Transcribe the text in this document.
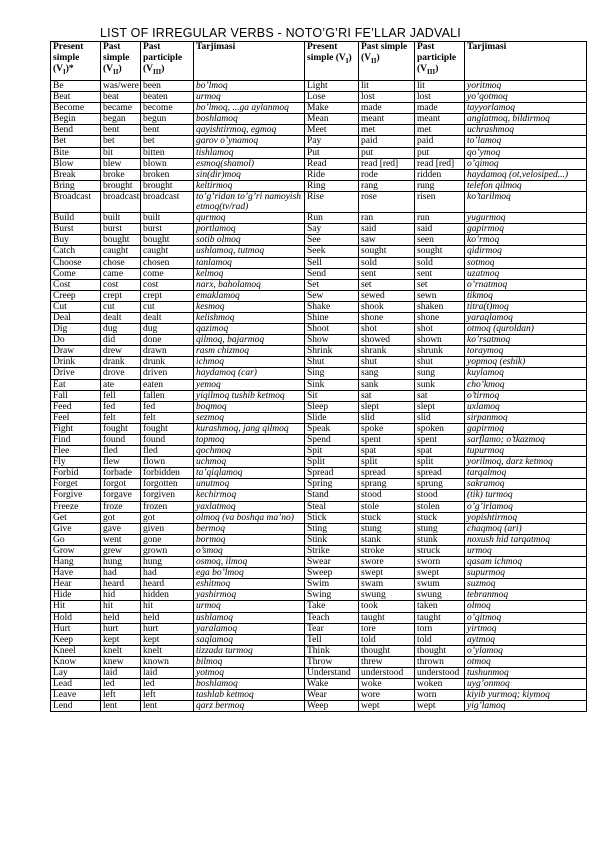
LIST OF IRREGULAR VERBS - NOTO’G’RI FE’LLAR JADVALI
Present simple $(V_I)*$	Past simple $(V_{II})$	Past participle $(V_{III})$	Tarjimasi	Present simple $(V_I)$	Past simple $(V_{II})$	Past participle $(V_{III})$	Tarjimasi
Be	was/were	been	bo’lmoq	Light	lit	lit	yoritmoq
Beat	beat	beaten	urmoq	Lose	lost	lost	yo’qotmoq
Become	became	become	bo’lmoq, ...ga aylanmoq	Make	made	made	tayyorlamoq
Begin	began	begun	boshlamoq	Mean	meant	meant	anglatmoq, bildirmoq
Bend	bent	bent	qayishtirmoq, egmoq	Meet	met	met	uchrashmoq
Bet	bet	bet	garov o’ynamoq	Pay	paid	paid	to’lamoq
Bite	bit	bitten	tishlamoq	Put	put	put	qo’ymoq
Blow	blew	blown	esmoq(shamol)	Read	read [red]	read [red]	o’qimoq
Break	broke	broken	sin(dir)moq	Ride	rode	ridden	haydamoq (ot,velosiped...)
Bring	brought	brought	keltirmoq	Ring	rang	rung	telefon qilmoq
Broadcast	broadcast	broadcast	to’g’ridan to’g’ri namoyish etmoq(tv/rad)	Rise	rose	risen	ko’tarilmoq
Build	built	built	qurmoq	Run	ran	run	yugurmoq
Burst	burst	burst	portlamoq	Say	said	said	gapirmoq
Buy	bought	bought	sotib olmoq	See	saw	seen	ko’rmoq
Catch	caught	caught	ushlamoq, tutmoq	Seek	sought	sought	qidirmoq
Choose	chose	chosen	tanlamoq	Sell	sold	sold	sotmoq
Come	came	come	kelmoq	Send	sent	sent	uzatmoq
Cost	cost	cost	narx, baholamoq	Set	set	set	o’rnatmoq
Creep	crept	crept	emaklamoq	Sew	sewed	sewn	tikmoq
Cut	cut	cut	kesmoq	Shake	shook	shaken	titra(t)moq
Deal	dealt	dealt	kelishmoq	Shine	shone	shone	yaraqlamoq
Dig	dug	dug	qazimoq	Shoot	shot	shot	otmoq (quroldan)
Do	did	done	qilmoq, bajarmoq	Show	showed	shown	ko’rsatmoq
Draw	drew	drawn	rasm chizmoq	Shrink	shrank	shrunk	toraymoq
Drink	drank	drunk	ichmoq	Shut	shut	shut	yopmoq (eshik)
Drive	drove	driven	haydamoq (car)	Sing	sang	sung	kuylamoq
Eat	ate	eaten	yemoq	Sink	sank	sunk	cho’kmoq
Fall	fell	fallen	yiqilmoq tushib ketmoq	Sit	sat	sat	o’tirmoq
Feed	fed	fed	boqmoq	Sleep	slept	slept	uxlamoq
Feel	felt	felt	sezmoq	Slide	slid	slid	sirpanmoq
Fight	fought	fought	kurashmoq, jang qilmoq	Speak	spoke	spoken	gapirmoq
Find	found	found	topmoq	Spend	spent	spent	sarflamo; o’tkazmoq
Flee	fled	fled	qochmoq	Spit	spat	spat	tupurmoq
Fly	flew	flown	uchmoq	Split	split	split	yorilmoq, darz ketmoq
Forbid	forbade	forbidden	ta’qiqlamoq	Spread	spread	spread	tarqalmoq
Forget	forgot	forgotten	unutmoq	Spring	sprang	sprung	sakramoq
Forgive	forgave	forgiven	kechirmoq	Stand	stood	stood	(tik) turmoq
Freeze	froze	frozen	yaxlatmoq	Steal	stole	stolen	o’g’irlamoq
Get	got	got	olmoq (va boshqa ma’no)	Stick	stuck	stuck	yopishtirmoq
Give	gave	given	bermoq	Sting	stung	stung	chaqmoq (ari)
Go	went	gone	bormoq	Stink	stank	stunk	noxush hid tarqatmoq
Grow	grew	grown	o’smoq	Strike	stroke	struck	urmoq
Hang	hung	hung	osmoq, ilmoq	Swear	swore	sworn	qasam ichmoq
Have	had	had	ega bo’lmoq	Sweep	swept	swept	supurmoq
Hear	heard	heard	eshitmoq	Swim	swam	swum	suzmoq
Hide	hid	hidden	yashirmoq	Swing	swung	swung	tebranmoq
Hit	hit	hit	urmoq	Take	took	taken	olmoq
Hold	held	held	ushlamoq	Teach	taught	taught	o’qitmoq
Hurt	hurt	hurt	yaralamoq	Tear	tore	torn	yirtmoq
Keep	kept	kept	saqlamoq	Tell	told	told	aytmoq
Kneel	knelt	knelt	tizzada turmoq	Think	thought	thought	o’ylamoq
Know	knew	known	bilmoq	Throw	threw	thrown	otmoq
Lay	laid	laid	yotmoq	Understand	understood	understood	tushunmoq
Lead	led	led	boshlamoq	Wake	woke	woken	uyg’onmoq
Leave	left	left	tashlab ketmoq	Wear	wore	worn	kiyib yurmoq; kiymoq
Lend	lent	lent	qarz bermoq	Weep	wept	wept	yig’lamoq
